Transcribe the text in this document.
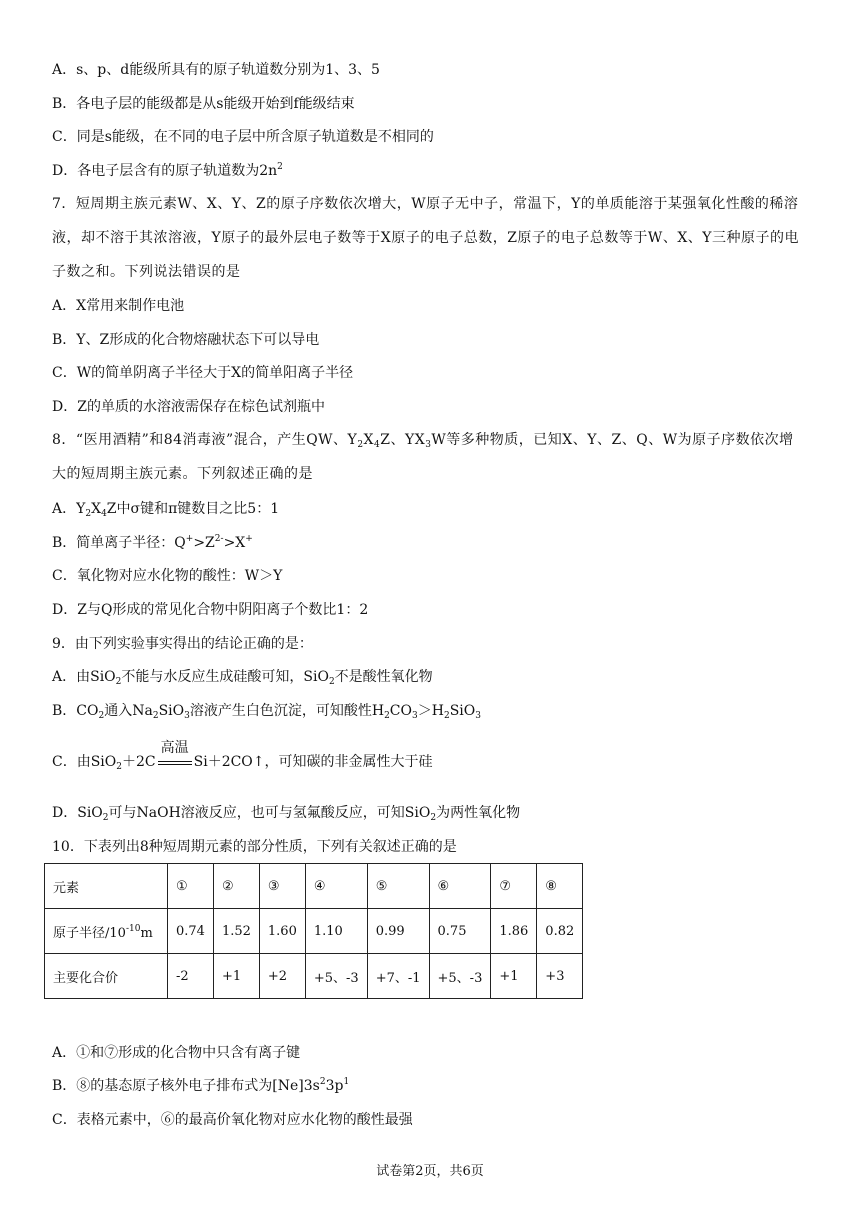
A．s、p、d能级所具有的原子轨道数分别为1、3、5
B．各电子层的能级都是从s能级开始到f能级结束
C．同是s能级，在不同的电子层中所含原子轨道数是不相同的
D．各电子层含有的原子轨道数为$2n^2$
7．短周期主族元素W、X、Y、Z的原子序数依次增大，W原子无中子，常温下，Y的单质能溶于某强氧化性酸的稀溶液，却不溶于其浓溶液，Y原子的最外层电子数等于X原子的电子总数，Z原子的电子总数等于W、X、Y三种原子的电子数之和。下列说法错误的是
A．X常用来制作电池
B．Y、Z形成的化合物熔融状态下可以导电
C．W的简单阴离子半径大于X的简单阳离子半径
D．Z的单质的水溶液需保存在棕色试剂瓶中
8．“医用酒精”和84消毒液”混合，产生QW、$Y_2X_4Z$、$YX_3W$等多种物质，已知X、Y、Z、Q、W为原子序数依次增大的短周期主族元素。下列叙述正确的是
A．$Y_2X_4Z$中σ键和π键数目之比5：1
B．简单离子半径：$Q^+>Z^{2-}>X^+$
C．氧化物对应水化物的酸性：W＞Y
D．Z与Q形成的常见化合物中阴阳离子个数比1：2
9．由下列实验事实得出的结论正确的是：
A．由SiO$_2$不能与水反应生成硅酸可知，SiO$_2$不是酸性氧化物
B．$CO_2$通入$Na_2SiO_3$溶液产生白色沉淀，可知酸性$H_2CO_3>H_2SiO_3$
C．由SiO$_2$＋2C
高温
Si＋2CO↑，可知碳的非金属性大于硅
D．SiO$_2$可与NaOH溶液反应，也可与氢氟酸反应，可知SiO$_2$为两性氧化物
10．下表列出8种短周期元素的部分性质，下列有关叙述正确的是
元素	①	②	③	④	⑤	⑥	⑦	⑧
原子半径$/10^{-10}m$	0.74	1.52	1.60	1.10	0.99	0.75	1.86	0.82
主要化合价	-2	+1	+2	+5、-3	+7、-1	+5、-3	+1	+3
A．①和⑦形成的化合物中只含有离子键
B．⑧的基态原子核外电子排布式为$[Ne]3s^23p^1$
C．表格元素中，⑥的最高价氧化物对应水化物的酸性最强
试卷第2页，共6页
